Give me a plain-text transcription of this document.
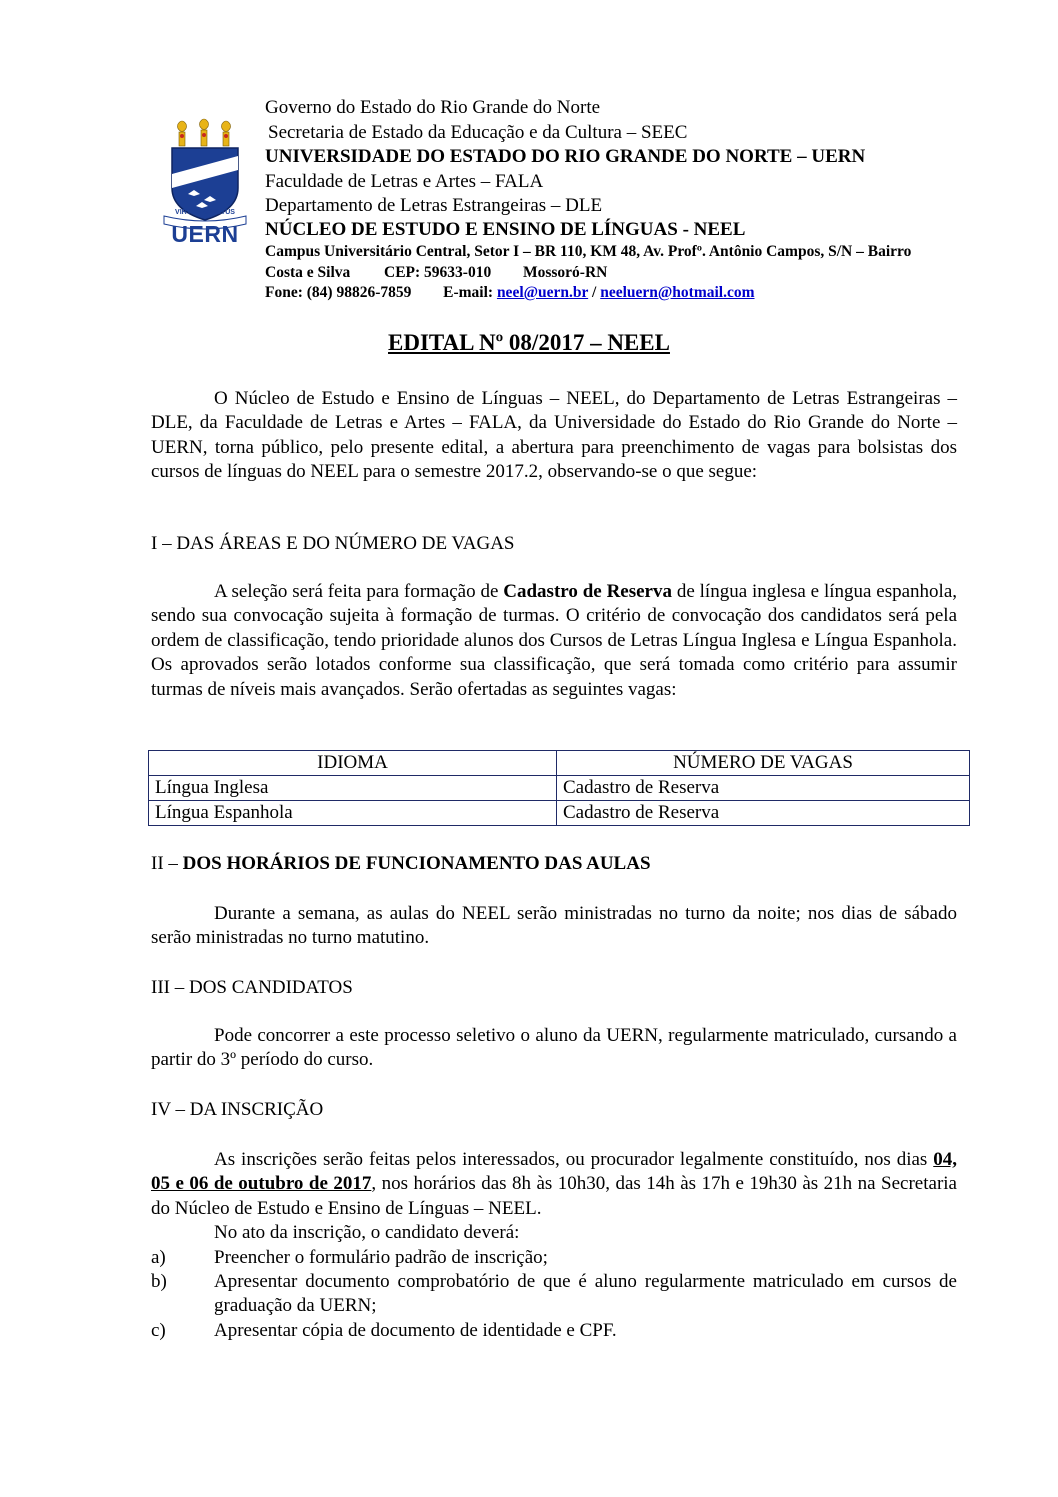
VIRTUS SPIRITUS
UERN
Governo do Estado do Rio Grande do Norte
Secretaria de Estado da Educação e da Cultura – SEEC
UNIVERSIDADE DO ESTADO DO RIO GRANDE DO NORTE – UERN
Faculdade de Letras e Artes – FALA
Departamento de Letras Estrangeiras – DLE
NÚCLEO DE ESTUDO E ENSINO DE LÍNGUAS - NEEL
Campus Universitário Central, Setor I – BR 110, KM 48, Av. Profº. Antônio Campos, S/N – Bairro
Costa e Silva CEP: 59633-010 Mossoró-RN
Fone: (84) 98826-7859 E-mail: neel@uern.br / neeluern@hotmail.com
EDITAL Nº 08/2017 – NEEL
O Núcleo de Estudo e Ensino de Línguas – NEEL, do Departamento de Letras Estrangeiras – DLE, da Faculdade de Letras e Artes – FALA, da Universidade do Estado do Rio Grande do Norte – UERN, torna público, pelo presente edital, a abertura para preenchimento de vagas para bolsistas dos cursos de línguas do NEEL para o semestre 2017.2, observando-se o que segue:
I – DAS ÁREAS E DO NÚMERO DE VAGAS
A seleção será feita para formação de Cadastro de Reserva de língua inglesa e língua espanhola, sendo sua convocação sujeita à formação de turmas. O critério de convocação dos candidatos será pela ordem de classificação, tendo prioridade alunos dos Cursos de Letras Língua Inglesa e Língua Espanhola. Os aprovados serão lotados conforme sua classificação, que será tomada como critério para assumir turmas de níveis mais avançados. Serão ofertadas as seguintes vagas:
IDIOMA	NÚMERO DE VAGAS
Língua Inglesa	Cadastro de Reserva
Língua Espanhola	Cadastro de Reserva
II – DOS HORÁRIOS DE FUNCIONAMENTO DAS AULAS
Durante a semana, as aulas do NEEL serão ministradas no turno da noite; nos dias de sábado serão ministradas no turno matutino.
III – DOS CANDIDATOS
Pode concorrer a este processo seletivo o aluno da UERN, regularmente matriculado, cursando a partir do 3º período do curso.
IV – DA INSCRIÇÃO
As inscrições serão feitas pelos interessados, ou procurador legalmente constituído, nos dias 04, 05 e 06 de outubro de 2017, nos horários das 8h às 10h30, das 14h às 17h e 19h30 às 21h na Secretaria do Núcleo de Estudo e Ensino de Línguas – NEEL.
No ato da inscrição, o candidato deverá:
a)	Preencher o formulário padrão de inscrição;
b)	Apresentar documento comprobatório de que é aluno regularmente matriculado em cursos de graduação da UERN;
c)	Apresentar cópia de documento de identidade e CPF.
